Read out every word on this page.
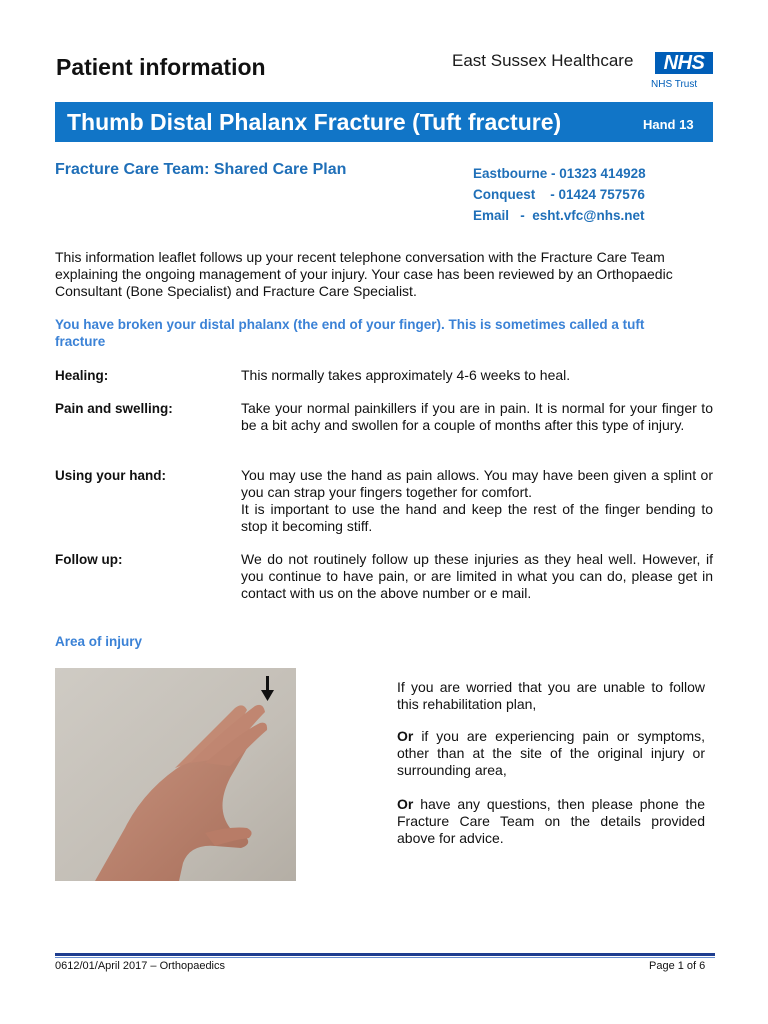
Patient information	East Sussex Healthcare	NHS
NHS Trust
Thumb Distal Phalanx Fracture (Tuft fracture)	Hand 13
Fracture Care Team: Shared Care Plan	Eastbourne - 01323 414928
Conquest    - 01424 757576
Email   -  esht.vfc@nhs.net
This information leaflet follows up your recent telephone conversation with the Fracture Care Team explaining the ongoing management of your injury. Your case has been reviewed by an Orthopaedic Consultant (Bone Specialist) and Fracture Care Specialist.
You have broken your distal phalanx (the end of your finger). This is sometimes called a tuft fracture
Healing:	This normally takes approximately 4-6 weeks to heal.
Pain and swelling:	Take your normal painkillers if you are in pain. It is normal for your finger to be a bit achy and swollen for a couple of months after this type of injury.
Using your hand:	You may use the hand as pain allows. You may have been given a splint or you can strap your fingers together for comfort.
It is important to use the hand and keep the rest of the finger bending to stop it becoming stiff.
Follow up:	We do not routinely follow up these injuries as they heal well. However, if you continue to have pain, or are limited in what you can do, please get in contact with us on the above number or e mail.
Area of injury
If you are worried that you are unable to follow this rehabilitation plan,
Or if you are experiencing pain or symptoms, other than at the site of the original injury or surrounding area,
Or have any questions, then please phone the Fracture Care Team on the details provided above for advice.
0612/01/April 2017 – Orthopaedics	Page 1 of 6
